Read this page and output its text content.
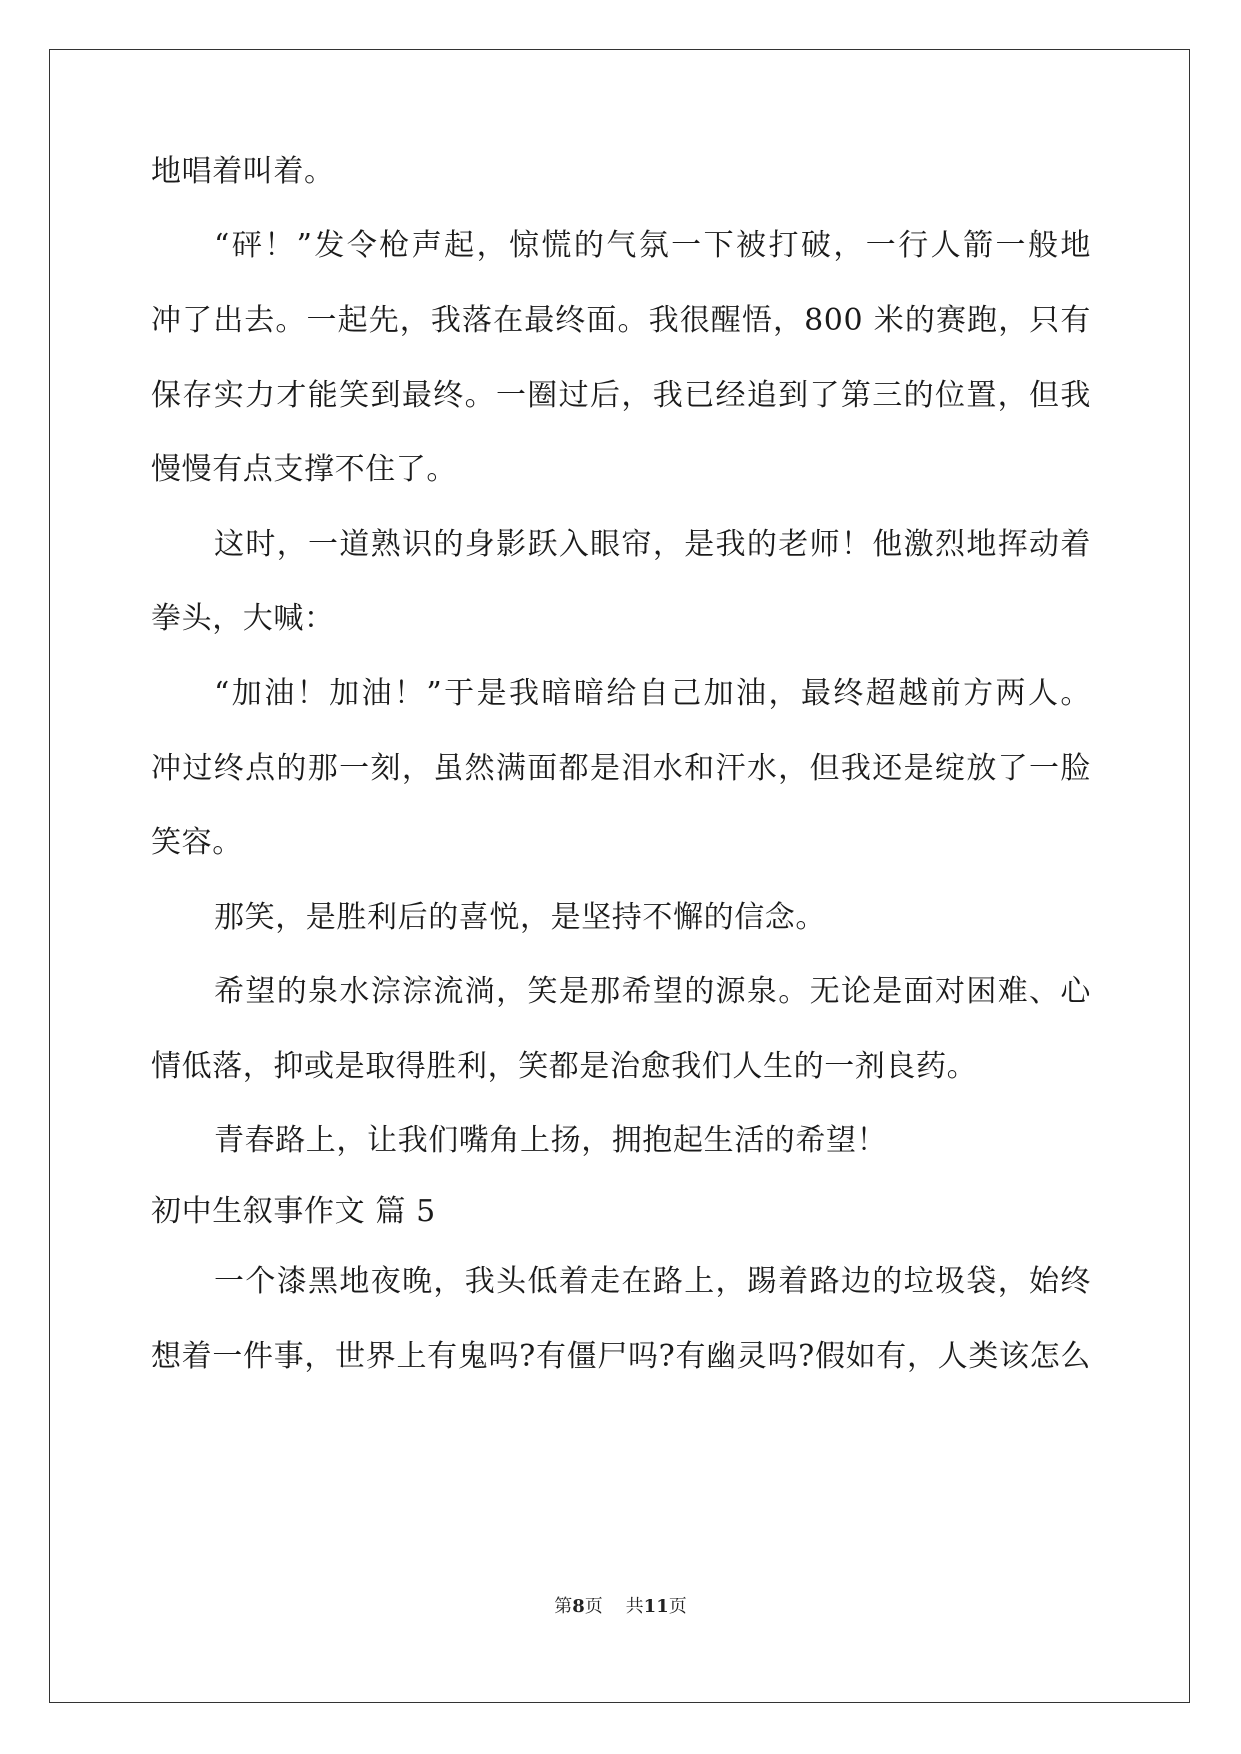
地唱着叫着。
“砰！”发令枪声起，惊慌的气氛一下被打破，一行人箭一般地
冲了出去。一起先，我落在最终面。我很醒悟，800 米的赛跑，只有
保存实力才能笑到最终。一圈过后，我已经追到了第三的位置，但我
慢慢有点支撑不住了。
这时，一道熟识的身影跃入眼帘，是我的老师！他激烈地挥动着
拳头，大喊：
“加油！加油！”于是我暗暗给自己加油，最终超越前方两人。
冲过终点的那一刻，虽然满面都是泪水和汗水，但我还是绽放了一脸
笑容。
那笑，是胜利后的喜悦，是坚持不懈的信念。
希望的泉水淙淙流淌，笑是那希望的源泉。无论是面对困难、心
情低落，抑或是取得胜利，笑都是治愈我们人生的一剂良药。
青春路上，让我们嘴角上扬，拥抱起生活的希望！
初中生叙事作文 篇 5
一个漆黑地夜晚，我头低着走在路上，踢着路边的垃圾袋，始终
想着一件事，世界上有鬼吗?有僵尸吗?有幽灵吗?假如有，人类该怎么
第8页 共11页
